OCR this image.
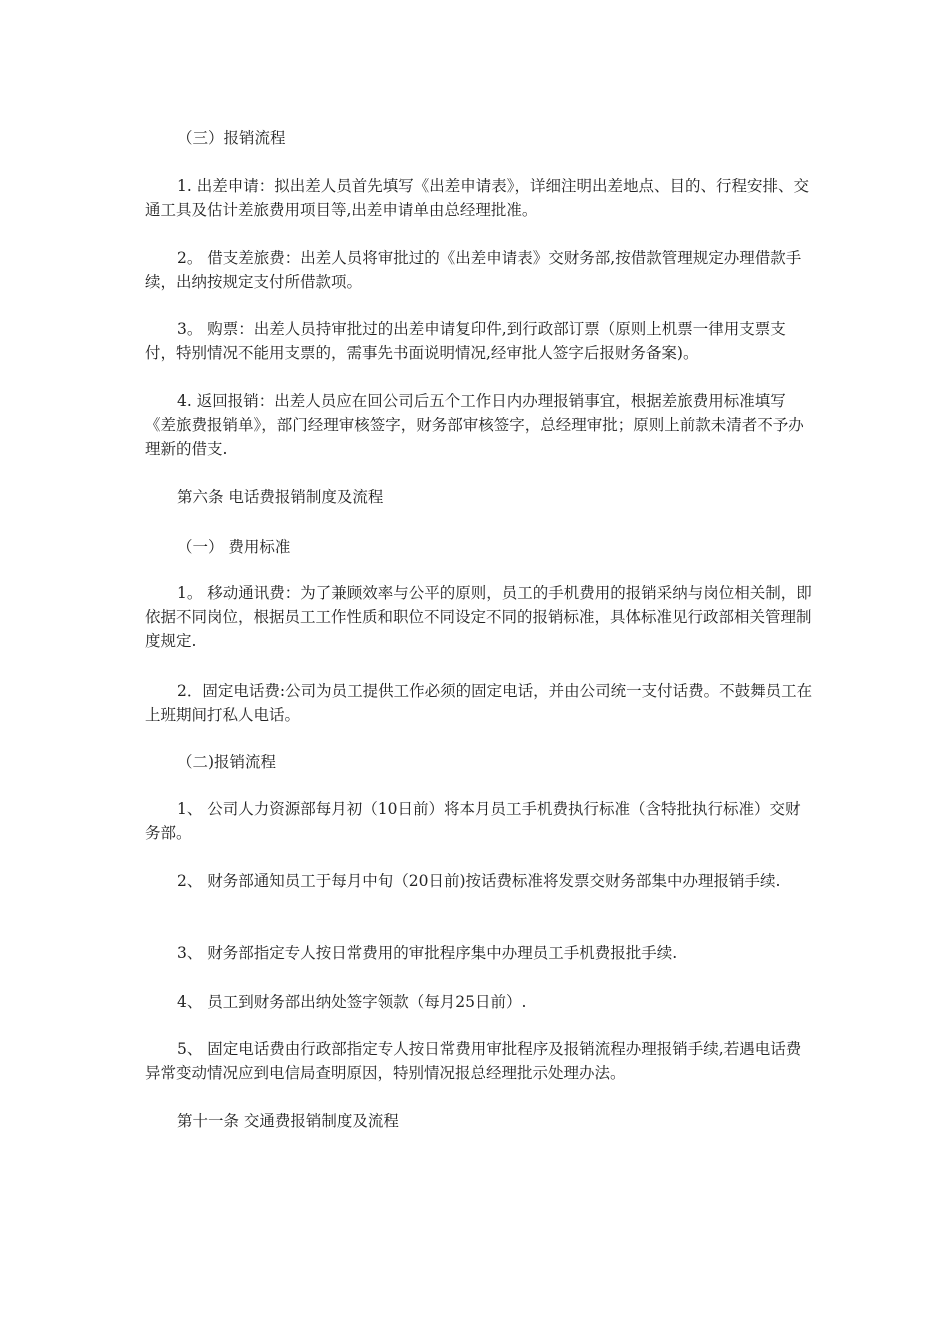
（三）报销流程

1. 出差申请：拟出差人员首先填写《出差申请表》，详细注明出差地点、目的、行程安排、交通工具及估计差旅费用项目等,出差申请单由总经理批准。

2。 借支差旅费：出差人员将审批过的《出差申请表》交财务部,按借款管理规定办理借款手续，出纳按规定支付所借款项。

3。 购票：出差人员持审批过的出差申请复印件,到行政部订票（原则上机票一律用支票支付，特别情况不能用支票的，需事先书面说明情况,经审批人签字后报财务备案)。

4. 返回报销：出差人员应在回公司后五个工作日内办理报销事宜，根据差旅费用标准填写《差旅费报销单》，部门经理审核签字，财务部审核签字，总经理审批；原则上前款未清者不予办理新的借支.

第六条 电话费报销制度及流程

（一） 费用标准

1。 移动通讯费：为了兼顾效率与公平的原则，员工的手机费用的报销采纳与岗位相关制，即依据不同岗位，根据员工工作性质和职位不同设定不同的报销标准，具体标准见行政部相关管理制度规定.

2．固定电话费:公司为员工提供工作必须的固定电话，并由公司统一支付话费。不鼓舞员工在上班期间打私人电话。

（二)报销流程

1、 公司人力资源部每月初（10日前）将本月员工手机费执行标准（含特批执行标准）交财务部。

2、 财务部通知员工于每月中旬（20日前)按话费标准将发票交财务部集中办理报销手续.

3、 财务部指定专人按日常费用的审批程序集中办理员工手机费报批手续.

4、 员工到财务部出纳处签字领款（每月25日前）.

5、 固定电话费由行政部指定专人按日常费用审批程序及报销流程办理报销手续,若遇电话费异常变动情况应到电信局查明原因，特别情况报总经理批示处理办法。

第十一条 交通费报销制度及流程
